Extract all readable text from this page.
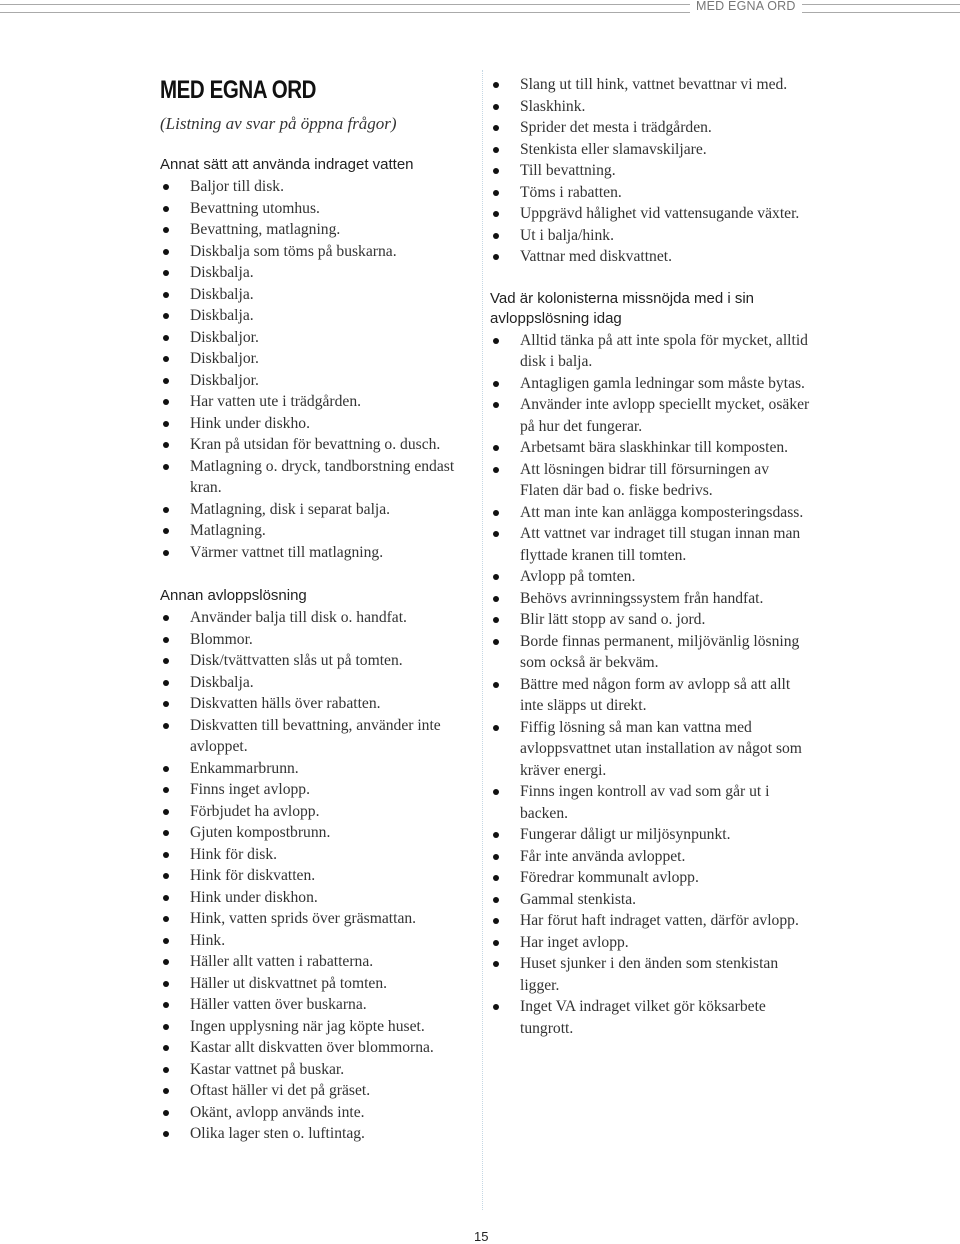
MED EGNA ORD
MED EGNA ORD

(Listning av svar på öppna frågor)

Annat sätt att använda indraget vatten
Baljor till disk.
Bevattning utomhus.
Bevattning, matlagning.
Diskbalja som töms på buskarna.
Diskbalja.
Diskbalja.
Diskbalja.
Diskbaljor.
Diskbaljor.
Diskbaljor.
Har vatten ute i trädgården.
Hink under diskho.
Kran på utsidan för bevattning o. dusch.
Matlagning o. dryck, tandborstning endast kran.
Matlagning, disk i separat balja.
Matlagning.
Värmer vattnet till matlagning.
Annan avloppslösning
Använder balja till disk o. handfat.
Blommor.
Disk/tvättvatten slås ut på tomten.
Diskbalja.
Diskvatten hälls över rabatten.
Diskvatten till bevattning, använder inte avloppet.
Enkammarbrunn.
Finns inget avlopp.
Förbjudet ha avlopp.
Gjuten kompostbrunn.
Hink för disk.
Hink för diskvatten.
Hink under diskhon.
Hink, vatten sprids över gräsmattan.
Hink.
Häller allt vatten i rabatterna.
Häller ut diskvattnet på tomten.
Häller vatten över buskarna.
Ingen upplysning när jag köpte huset.
Kastar allt diskvatten över blommorna.
Kastar vattnet på buskar.
Oftast häller vi det på gräset.
Okänt, avlopp används inte.
Olika lager sten o. luftintag.
Slang ut till hink, vattnet bevattnar vi med.
Slaskhink.
Sprider det mesta i trädgården.
Stenkista eller slamavskiljare.
Till bevattning.
Töms i rabatten.
Uppgrävd hålighet vid vattensugande växter.
Ut i balja/hink.
Vattnar med diskvattnet.
Vad är kolonisterna missnöjda med i sin avloppslösning idag
Alltid tänka på att inte spola för mycket, alltid disk i balja.
Antagligen gamla ledningar som måste bytas.
Använder inte avlopp speciellt mycket, osäker på hur det fungerar.
Arbetsamt bära slaskhinkar till komposten.
Att lösningen bidrar till försurningen av Flaten där bad o. fiske bedrivs.
Att man inte kan anlägga komposteringsdass.
Att vattnet var indraget till stugan innan man flyttade kranen till tomten.
Avlopp på tomten.
Behövs avrinningssystem från handfat.
Blir lätt stopp av sand o. jord.
Borde finnas permanent, miljövänlig lösning som också är bekväm.
Bättre med någon form av avlopp så att allt inte släpps ut direkt.
Fiffig lösning så man kan vattna med avloppsvattnet utan installation av något som kräver energi.
Finns ingen kontroll av vad som går ut i backen.
Fungerar dåligt ur miljösynpunkt.
Får inte använda avloppet.
Föredrar kommunalt avlopp.
Gammal stenkista.
Har förut haft indraget vatten, därför avlopp.
Har inget avlopp.
Huset sjunker i den änden som stenkistan ligger.
Inget VA indraget vilket gör köksarbete tungrott.
15
